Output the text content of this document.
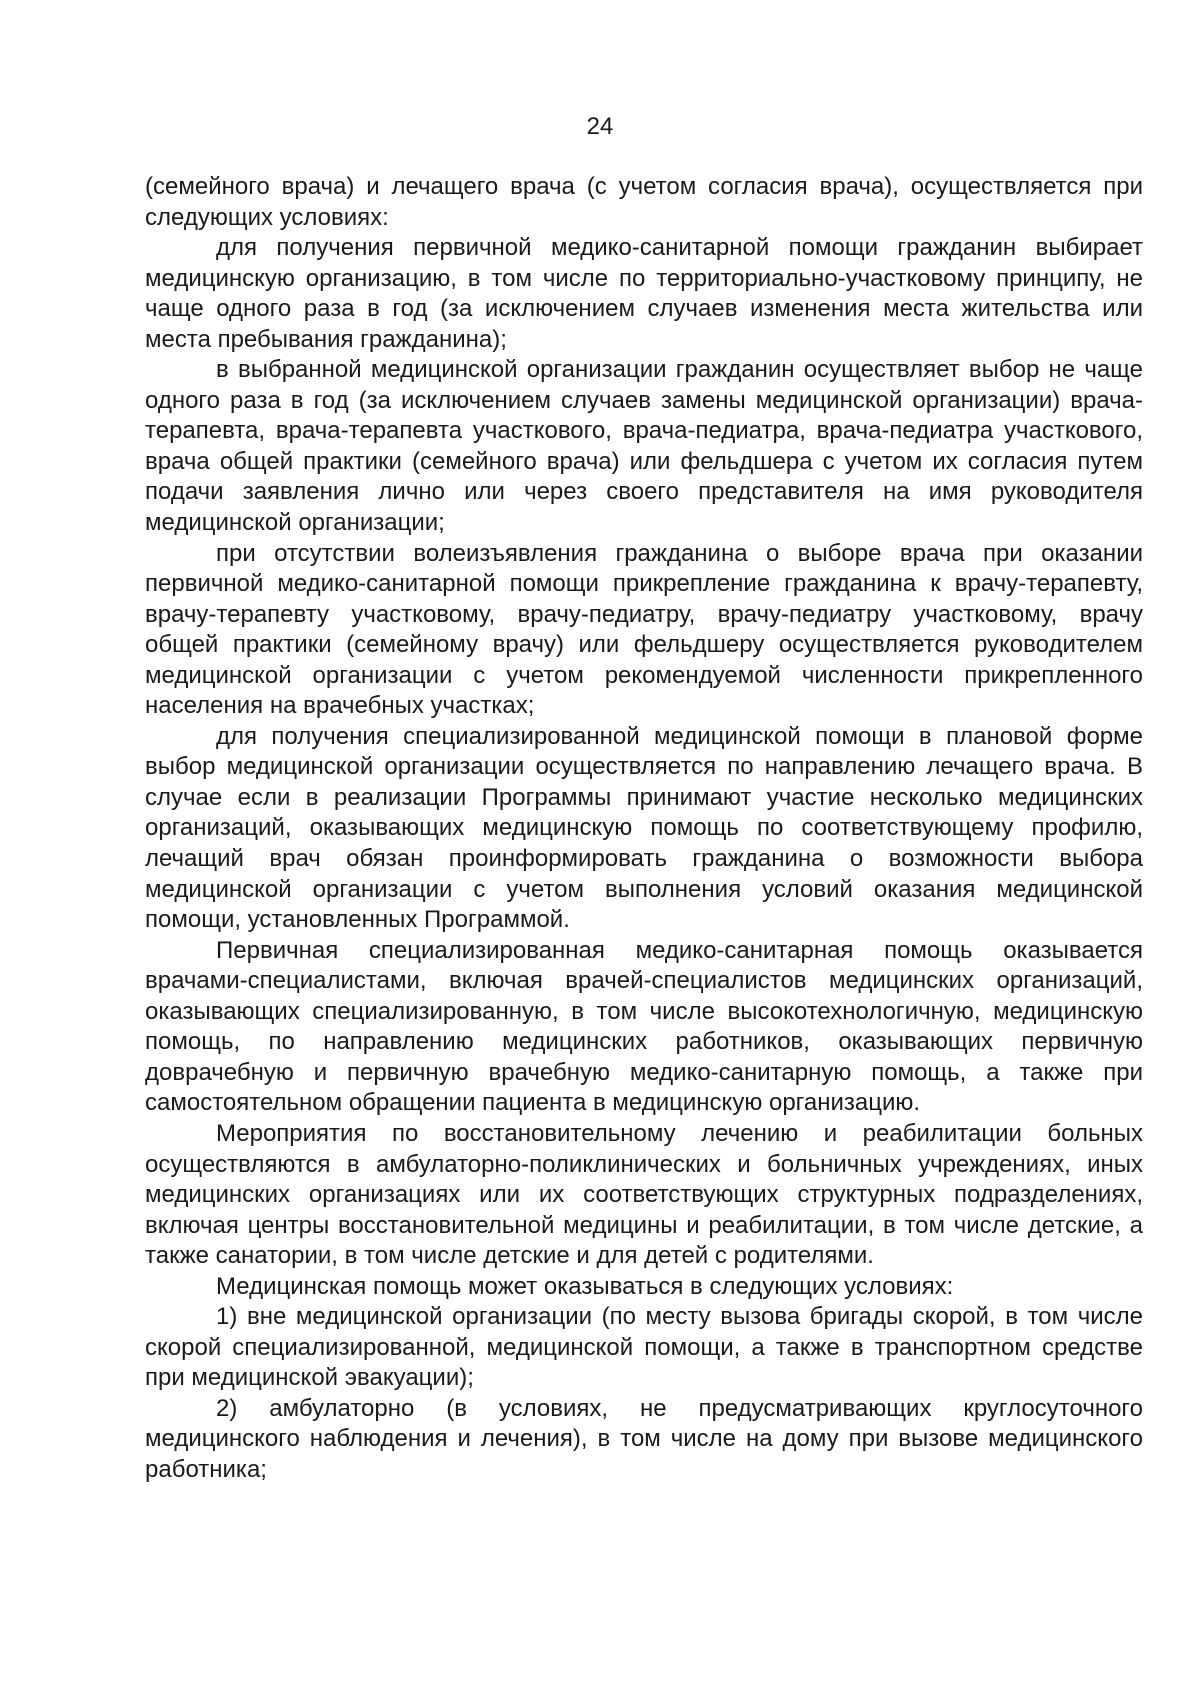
24

(семейного врача) и лечащего врача (с учетом согласия врача), осуществляется при следующих условиях:

для получения первичной медико-санитарной помощи гражданин выбирает медицинскую организацию, в том числе по территориально-участковому принципу, не чаще одного раза в год (за исключением случаев изменения места жительства или места пребывания гражданина);

в выбранной медицинской организации гражданин осуществляет выбор не чаще одного раза в год (за исключением случаев замены медицинской организации) врача-терапевта, врача-терапевта участкового, врача-педиатра, врача-педиатра участкового, врача общей практики (семейного врача) или фельдшера с учетом их согласия путем подачи заявления лично или через своего представителя на имя руководителя медицинской организации;

при отсутствии волеизъявления гражданина о выборе врача при оказании первичной медико-санитарной помощи прикрепление гражданина к врачу-терапевту, врачу-терапевту участковому, врачу-педиатру, врачу-педиатру участковому, врачу общей практики (семейному врачу) или фельдшеру осуществляется руководителем медицинской организации с учетом рекомендуемой численности прикрепленного населения на врачебных участках;

для получения специализированной медицинской помощи в плановой форме выбор медицинской организации осуществляется по направлению лечащего врача. В случае если в реализации Программы принимают участие несколько медицинских организаций, оказывающих медицинскую помощь по соответствующему профилю, лечащий врач обязан проинформировать гражданина о возможности выбора медицинской организации с учетом выполнения условий оказания медицинской помощи, установленных Программой.

Первичная специализированная медико-санитарная помощь оказывается врачами-специалистами, включая врачей-специалистов медицинских организаций, оказывающих специализированную, в том числе высокотехнологичную, медицинскую помощь, по направлению медицинских работников, оказывающих первичную доврачебную и первичную врачебную медико-санитарную помощь, а также при самостоятельном обращении пациента в медицинскую организацию.

Мероприятия по восстановительному лечению и реабилитации больных осуществляются в амбулаторно-поликлинических и больничных учреждениях, иных медицинских организациях или их соответствующих структурных подразделениях, включая центры восстановительной медицины и реабилитации, в том числе детские, а также санатории, в том числе детские и для детей с родителями.

Медицинская помощь может оказываться в следующих условиях:

1) вне медицинской организации (по месту вызова бригады скорой, в том числе скорой специализированной, медицинской помощи, а также в транспортном средстве при медицинской эвакуации);

2) амбулаторно (в условиях, не предусматривающих круглосуточного медицинского наблюдения и лечения), в том числе на дому при вызове медицинского работника;
